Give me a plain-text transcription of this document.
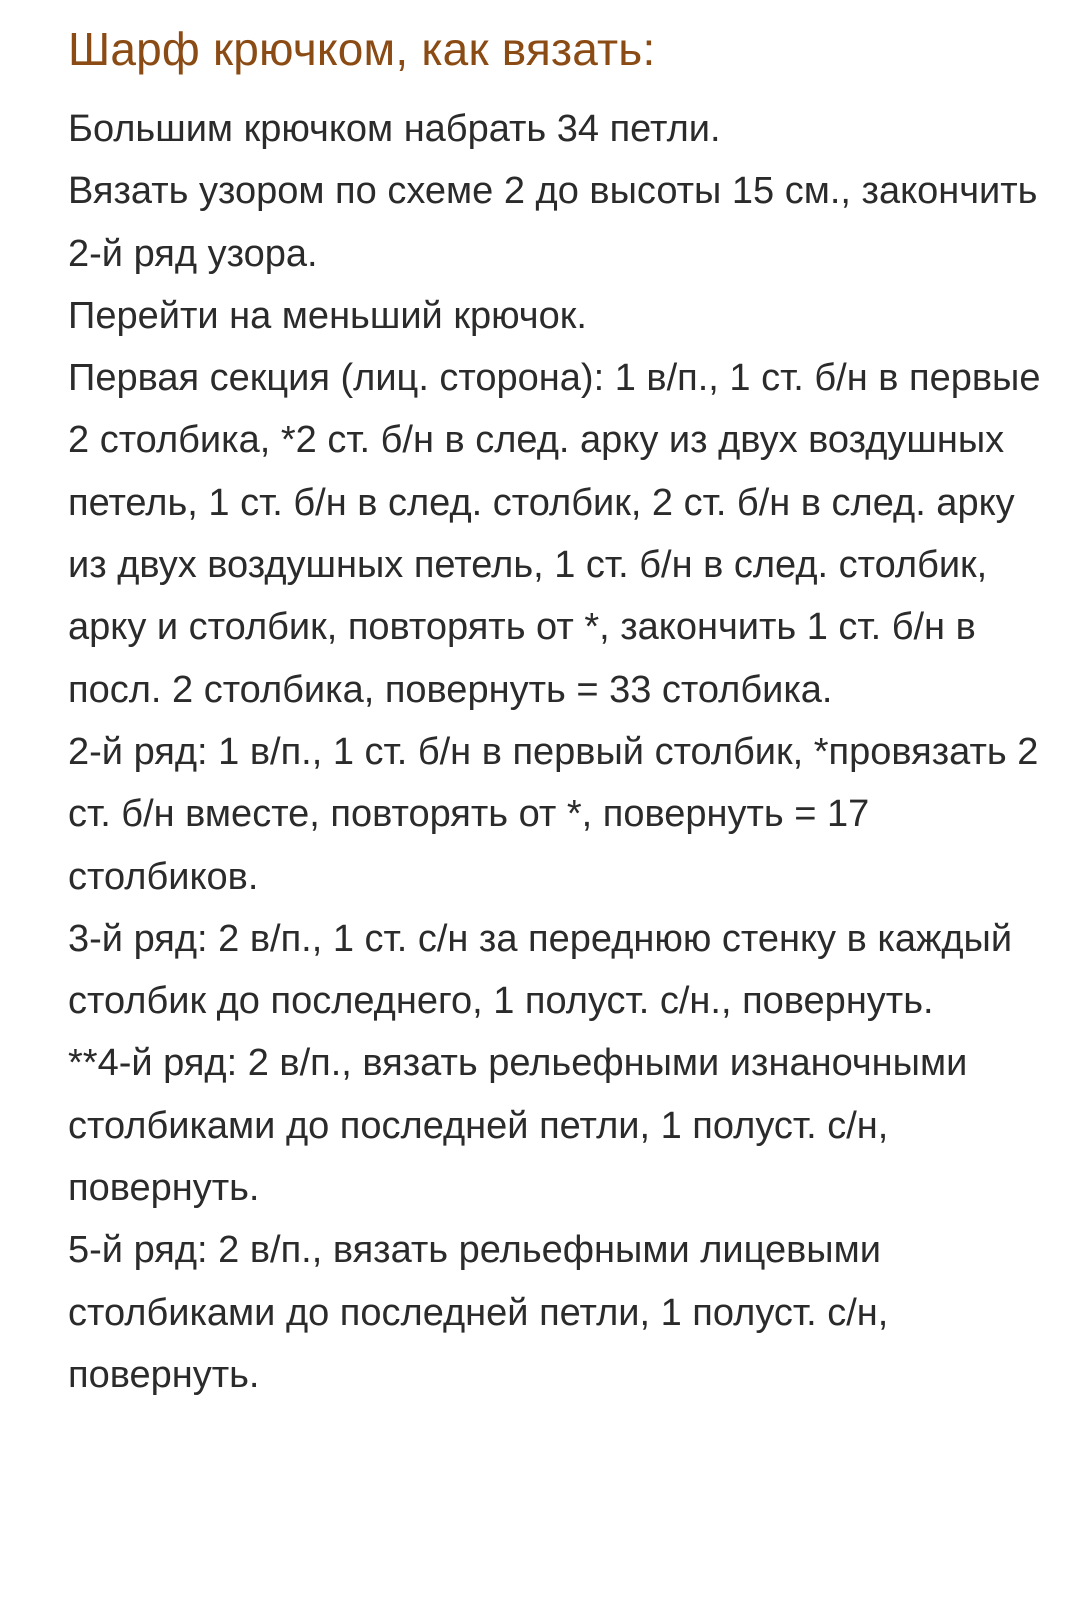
Шарф крючком, как вязать:

Большим крючком набрать 34 петли.

Вязать узором по схеме 2 до высоты 15 см., закончить 2-й ряд узора.

Перейти на меньший крючок.

Первая секция (лиц. сторона): 1 в/п., 1 ст. б/н в первые 2 столбика, *2 ст. б/н в след. арку из двух воздушных петель, 1 ст. б/н в след. столбик, 2 ст. б/н в след. арку из двух воздушных петель, 1 ст. б/н в след. столбик, арку и столбик, повторять от *, закончить 1 ст. б/н в посл. 2 столбика, повернуть = 33 столбика.

2-й ряд: 1 в/п., 1 ст. б/н в первый столбик, *провязать 2 ст. б/н вместе, повторять от *, повернуть = 17 столбиков.

3-й ряд: 2 в/п., 1 ст. с/н за переднюю стенку в каждый столбик до последнего, 1 полуст. с/н., повернуть.

**4-й ряд: 2 в/п., вязать рельефными изнаночными столбиками до последней петли, 1 полуст. с/н, повернуть.

5-й ряд: 2 в/п., вязать рельефными лицевыми столбиками до последней петли, 1 полуст. с/н, повернуть.
